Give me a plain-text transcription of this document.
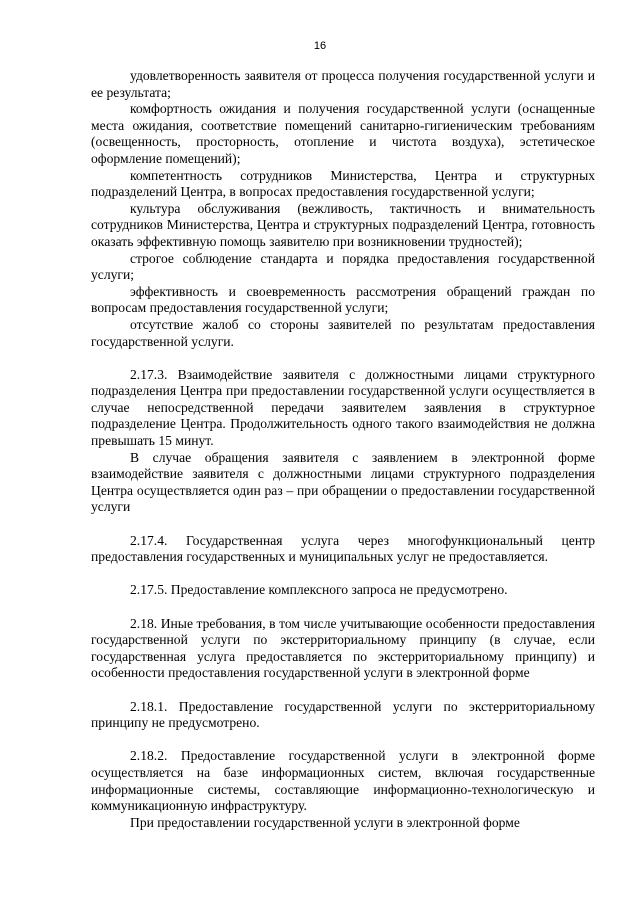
16

удовлетворенность заявителя от процесса получения государственной услуги и ее результата;

комфортность ожидания и получения государственной услуги (оснащенные места ожидания, соответствие помещений санитарно-гигиеническим требованиям (освещенность, просторность, отопление и чистота воздуха), эстетическое оформление помещений);

компетентность сотрудников Министерства, Центра и структурных подразделений Центра, в вопросах предоставления государственной услуги;

культура обслуживания (вежливость, тактичность и внимательность сотрудников Министерства, Центра и структурных подразделений Центра, готовность оказать эффективную помощь заявителю при возникновении трудностей);

строгое соблюдение стандарта и порядка предоставления государственной услуги;

эффективность и своевременность рассмотрения обращений граждан по вопросам предоставления государственной услуги;

отсутствие жалоб со стороны заявителей по результатам предоставления государственной услуги.

2.17.3. Взаимодействие заявителя с должностными лицами структурного подразделения Центра при предоставлении государственной услуги осуществляется в случае непосредственной передачи заявителем заявления в структурное подразделение Центра. Продолжительность одного такого взаимодействия не должна превышать 15 минут.

В случае обращения заявителя с заявлением в электронной форме взаимодействие заявителя с должностными лицами структурного подразделения Центра осуществляется один раз – при обращении о предоставлении государственной услуги

2.17.4. Государственная услуга через многофункциональный центр предоставления государственных и муниципальных услуг не предоставляется.

2.17.5. Предоставление комплексного запроса не предусмотрено.

2.18. Иные требования, в том числе учитывающие особенности предоставления государственной услуги по экстерриториальному принципу (в случае, если государственная услуга предоставляется по экстерриториальному принципу) и особенности предоставления государственной услуги в электронной форме

2.18.1. Предоставление государственной услуги по экстерриториальному принципу не предусмотрено.

2.18.2. Предоставление государственной услуги в электронной форме осуществляется на базе информационных систем, включая государственные информационные системы, составляющие информационно-технологическую и коммуникационную инфраструктуру.

При предоставлении государственной услуги в электронной форме
